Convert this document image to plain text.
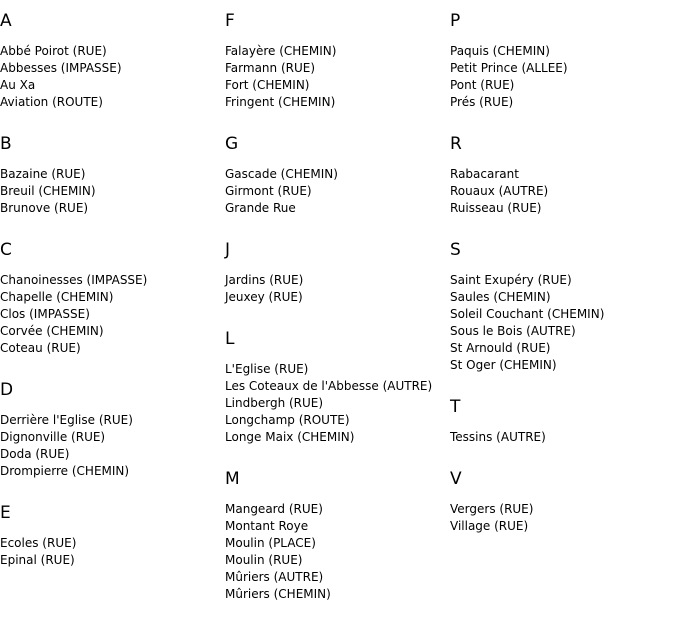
A
Abbé Poirot (RUE)
Abbesses (IMPASSE)
Au Xa
Aviation (ROUTE)
B
Bazaine (RUE)
Breuil (CHEMIN)
Brunove (RUE)
C
Chanoinesses (IMPASSE)
Chapelle (CHEMIN)
Clos (IMPASSE)
Corvée (CHEMIN)
Coteau (RUE)
D
Derrière l'Eglise (RUE)
Dignonville (RUE)
Doda (RUE)
Drompierre (CHEMIN)
E
Ecoles (RUE)
Epinal (RUE)
F
Falayère (CHEMIN)
Farmann (RUE)
Fort (CHEMIN)
Fringent (CHEMIN)
G
Gascade (CHEMIN)
Girmont (RUE)
Grande Rue
J
Jardins (RUE)
Jeuxey (RUE)
L
L'Eglise (RUE)
Les Coteaux de l'Abbesse (AUTRE)
Lindbergh (RUE)
Longchamp (ROUTE)
Longe Maix (CHEMIN)
M
Mangeard (RUE)
Montant Roye
Moulin (PLACE)
Moulin (RUE)
Mûriers (AUTRE)
Mûriers (CHEMIN)
P
Paquis (CHEMIN)
Petit Prince (ALLEE)
Pont (RUE)
Prés (RUE)
R
Rabacarant
Rouaux (AUTRE)
Ruisseau (RUE)
S
Saint Exupéry (RUE)
Saules (CHEMIN)
Soleil Couchant (CHEMIN)
Sous le Bois (AUTRE)
St Arnould (RUE)
St Oger (CHEMIN)
T
Tessins (AUTRE)
V
Vergers (RUE)
Village (RUE)
